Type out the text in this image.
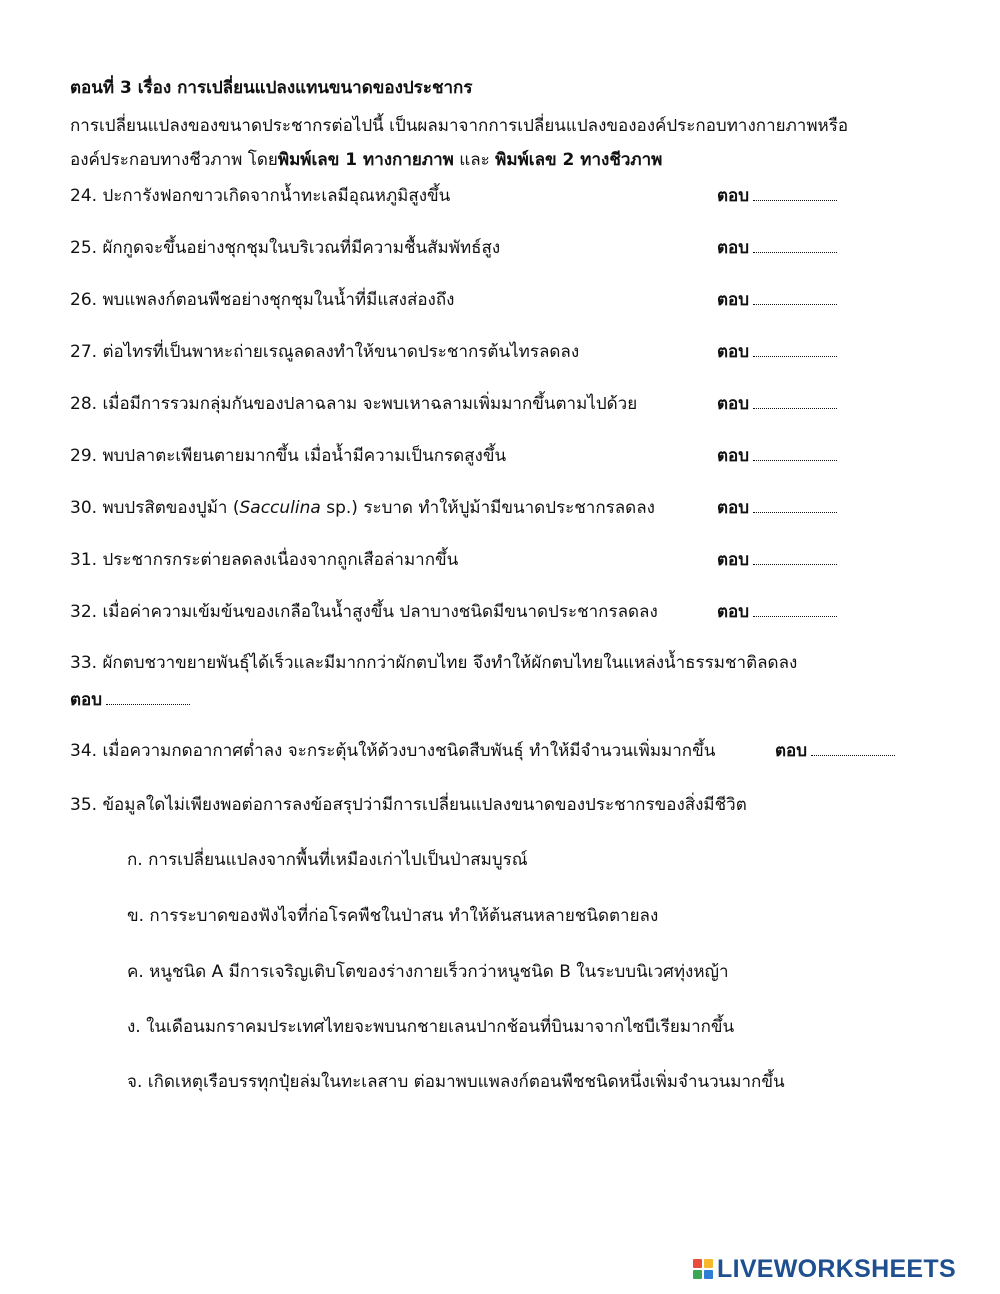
ตอนที่ 3 เรื่อง การเปลี่ยนแปลงแทนขนาดของประชากร
การเปลี่ยนแปลงของขนาดประชากรต่อไปนี้ เป็นผลมาจากการเปลี่ยนแปลงขององค์ประกอบทางกายภาพหรือ
องค์ประกอบทางชีวภาพ โดยพิมพ์เลข 1 ทางกายภาพ และ พิมพ์เลข 2 ทางชีวภาพ
24. ปะการังฟอกขาวเกิดจากน้ำทะเลมีอุณหภูมิสูงขึ้น	ตอบ
25. ผักกูดจะขึ้นอย่างชุกชุมในบริเวณที่มีความชื้นสัมพัทธ์สูง	ตอบ
26. พบแพลงก์ตอนพืชอย่างชุกชุมในน้ำที่มีแสงส่องถึง	ตอบ
27. ต่อไทรที่เป็นพาหะถ่ายเรณูลดลงทำให้ขนาดประชากรต้นไทรลดลง	ตอบ
28. เมื่อมีการรวมกลุ่มกันของปลาฉลาม จะพบเหาฉลามเพิ่มมากขึ้นตามไปด้วย	ตอบ
29. พบปลาตะเพียนตายมากขึ้น เมื่อน้ำมีความเป็นกรดสูงขึ้น	ตอบ
30. พบปรสิตของปูม้า (Sacculina sp.) ระบาด ทำให้ปูม้ามีขนาดประชากรลดลง	ตอบ
31. ประชากรกระต่ายลดลงเนื่องจากถูกเสือล่ามากขึ้น	ตอบ
32. เมื่อค่าความเข้มข้นของเกลือในน้ำสูงขึ้น ปลาบางชนิดมีขนาดประชากรลดลง	ตอบ
33. ผักตบชวาขยายพันธุ์ได้เร็วและมีมากกว่าผักตบไทย จึงทำให้ผักตบไทยในแหล่งน้ำธรรมชาติลดลง
ตอบ
34. เมื่อความกดอากาศต่ำลง จะกระตุ้นให้ด้วงบางชนิดสืบพันธุ์ ทำให้มีจำนวนเพิ่มมากขึ้น	ตอบ
35. ข้อมูลใดไม่เพียงพอต่อการลงข้อสรุปว่ามีการเปลี่ยนแปลงขนาดของประชากรของสิ่งมีชีวิต
ก. การเปลี่ยนแปลงจากพื้นที่เหมืองเก่าไปเป็นป่าสมบูรณ์
ข. การระบาดของฟังไจที่ก่อโรคพืชในป่าสน ทำให้ต้นสนหลายชนิดตายลง
ค. หนูชนิด A มีการเจริญเติบโตของร่างกายเร็วกว่าหนูชนิด B ในระบบนิเวศทุ่งหญ้า
ง. ในเดือนมกราคมประเทศไทยจะพบนกชายเลนปากช้อนที่บินมาจากไซบีเรียมากขึ้น
จ. เกิดเหตุเรือบรรทุกปุ๋ยล่มในทะเลสาบ ต่อมาพบแพลงก์ตอนพืชชนิดหนึ่งเพิ่มจำนวนมากขึ้น
LIVEWORKSHEETS
